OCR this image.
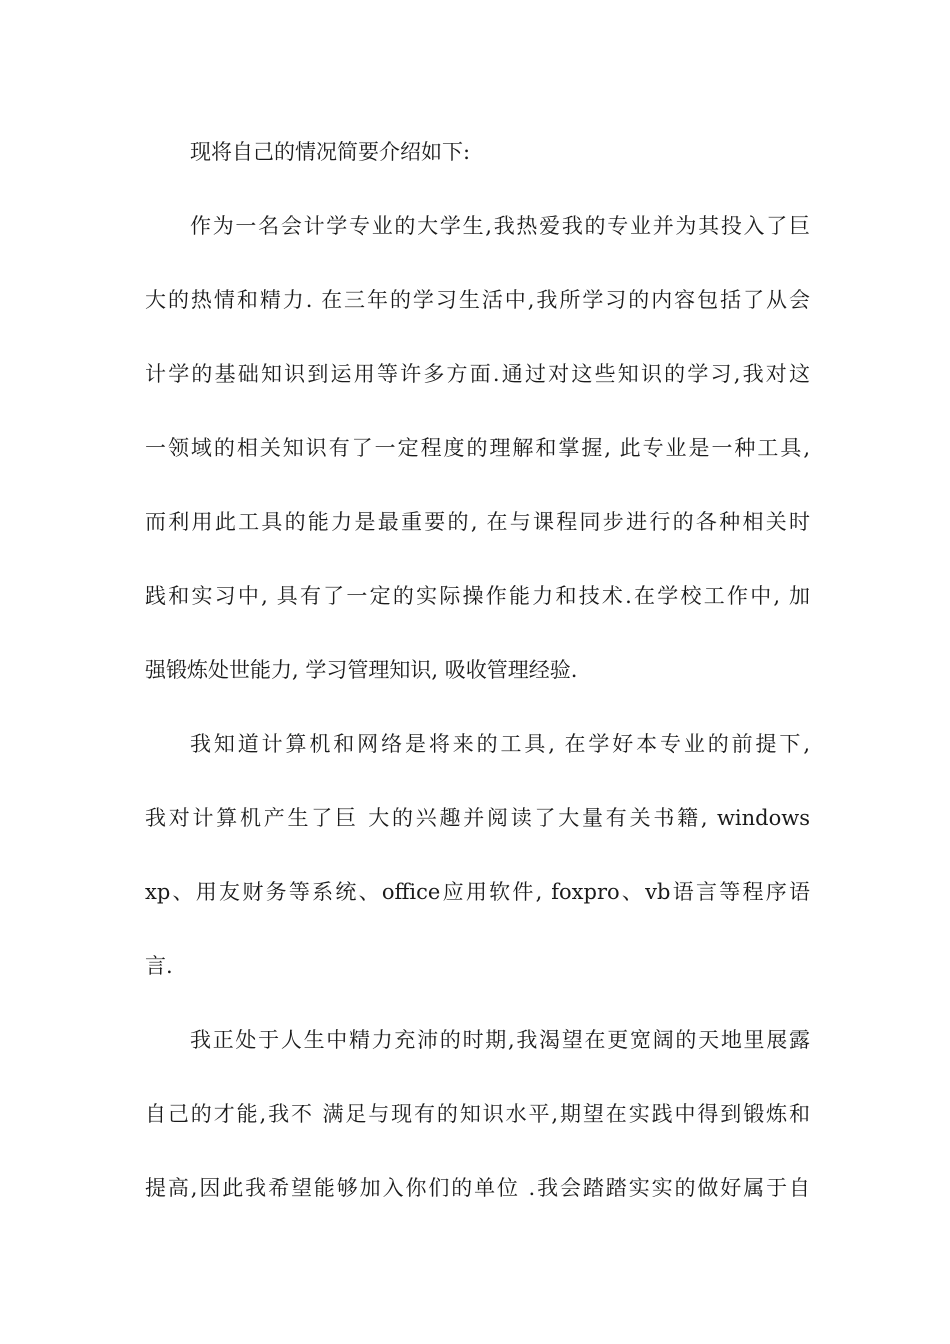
现将自己的情况简要介绍如下:
作为一名会计学专业的大学生,我热爱我的专业并为其投入了巨
大的热情和精力. 在三年的学习生活中,我所学习的内容包括了从会
计学的基础知识到运用等许多方面.通过对这些知识的学习,我对这
一领域的相关知识有了一定程度的理解和掌握, 此专业是一种工具,
而利用此工具的能力是最重要的, 在与课程同步进行的各种相关时
践和实习中, 具有了一定的实际操作能力和技术.在学校工作中, 加
强锻炼处世能力, 学习管理知识, 吸收管理经验.
我知道计算机和网络是将来的工具, 在学好本专业的前提下,
我对计算机产生了巨 大的兴趣并阅读了大量有关书籍, windows
xp、用友财务等系统、office应用软件, foxpro、vb语言等程序语
言.
我正处于人生中精力充沛的时期,我渴望在更宽阔的天地里展露
自己的才能,我不 满足与现有的知识水平,期望在实践中得到锻炼和
提高,因此我希望能够加入你们的单位 .我会踏踏实实的做好属于自
